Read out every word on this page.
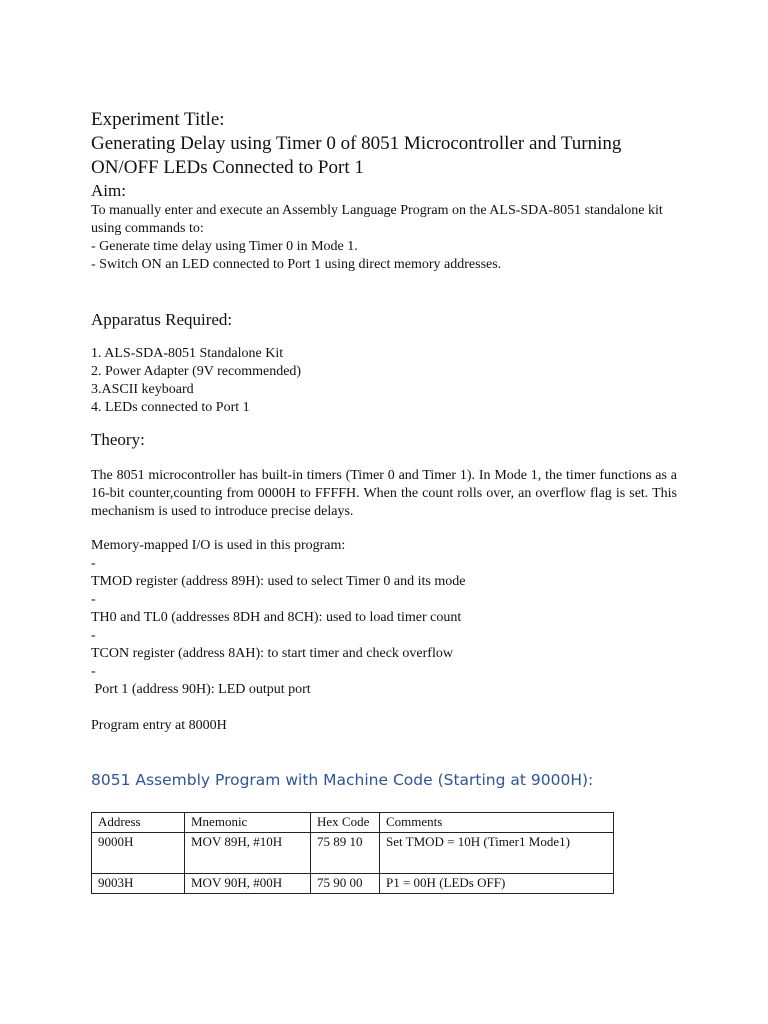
Experiment Title:

Generating Delay using Timer 0 of 8051 Microcontroller and Turning ON/OFF LEDs Connected to Port 1

Aim:

To manually enter and execute an Assembly Language Program on the ALS-SDA-8051 standalone kit using commands to:

- Generate time delay using Timer 0 in Mode 1.

- Switch ON an LED connected to Port 1 using direct memory addresses.

Apparatus Required:

1. ALS-SDA-8051 Standalone Kit

2. Power Adapter (9V recommended)

3.ASCII keyboard

4. LEDs connected to Port 1

Theory:

The 8051 microcontroller has built-in timers (Timer 0 and Timer 1). In Mode 1, the timer functions as a 16-bit counter,counting from 0000H to FFFFH. When the count rolls over, an overflow flag is set. This mechanism is used to introduce precise delays.

Memory-mapped I/O is used in this program:

-

TMOD register (address 89H): used to select Timer 0 and its mode

-

TH0 and TL0 (addresses 8DH and 8CH): used to load timer count

-

TCON register (address 8AH): to start timer and check overflow

-

Port 1 (address 90H): LED output port

Program entry at 8000H

8051 Assembly Program with Machine Code (Starting at 9000H):

Address	Mnemonic	Hex Code	Comments
9000H	MOV 89H, #10H	75 89 10	Set TMOD = 10H (Timer1 Mode1)
9003H	MOV 90H, #00H	75 90 00	P1 = 00H (LEDs OFF)
